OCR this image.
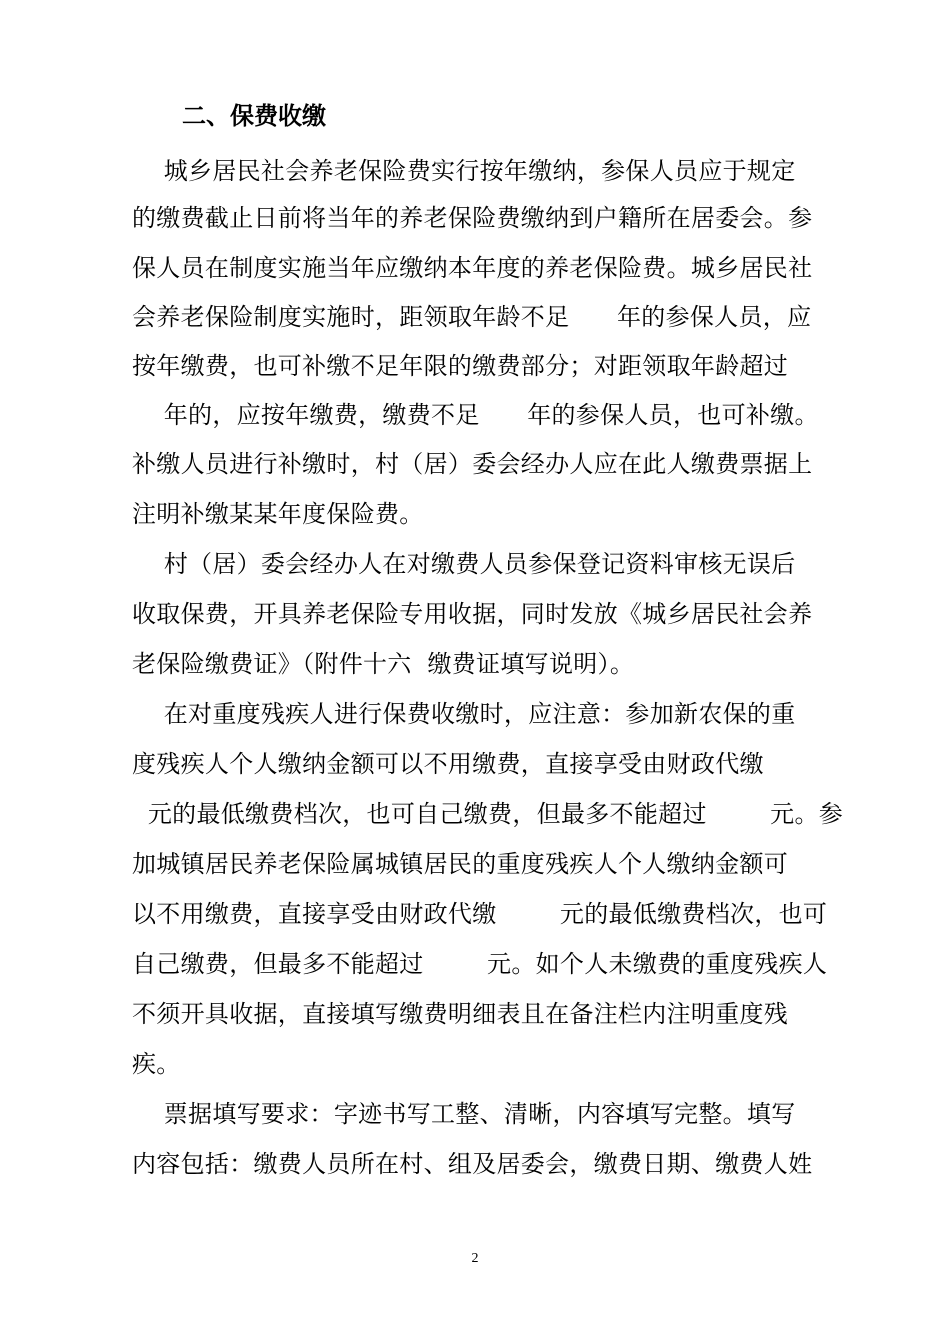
二、保费收缴
城乡居民社会养老保险费实行按年缴纳，参保人员应于规定
的缴费截止日前将当年的养老保险费缴纳到户籍所在居委会。参
保人员在制度实施当年应缴纳本年度的养老保险费。城乡居民社
会养老保险制度实施时，距领取年龄不足      年的参保人员，应
按年缴费，也可补缴不足年限的缴费部分；对距领取年龄超过
年的，应按年缴费，缴费不足      年的参保人员，也可补缴。
补缴人员进行补缴时，村（居）委会经办人应在此人缴费票据上
注明补缴某某年度保险费。
村（居）委会经办人在对缴费人员参保登记资料审核无误后
收取保费，开具养老保险专用收据，同时发放《城乡居民社会养
老保险缴费证》（附件十六  缴费证填写说明）。
在对重度残疾人进行保费收缴时，应注意：参加新农保的重
度残疾人个人缴纳金额可以不用缴费，直接享受由财政代缴
元的最低缴费档次，也可自己缴费，但最多不能超过        元。参
加城镇居民养老保险属城镇居民的重度残疾人个人缴纳金额可
以不用缴费，直接享受由财政代缴        元的最低缴费档次，也可
自己缴费，但最多不能超过        元。如个人未缴费的重度残疾人
不须开具收据，直接填写缴费明细表且在备注栏内注明重度残
疾。
票据填写要求：字迹书写工整、清晰，内容填写完整。填写
内容包括：缴费人员所在村、组及居委会，缴费日期、缴费人姓
2
